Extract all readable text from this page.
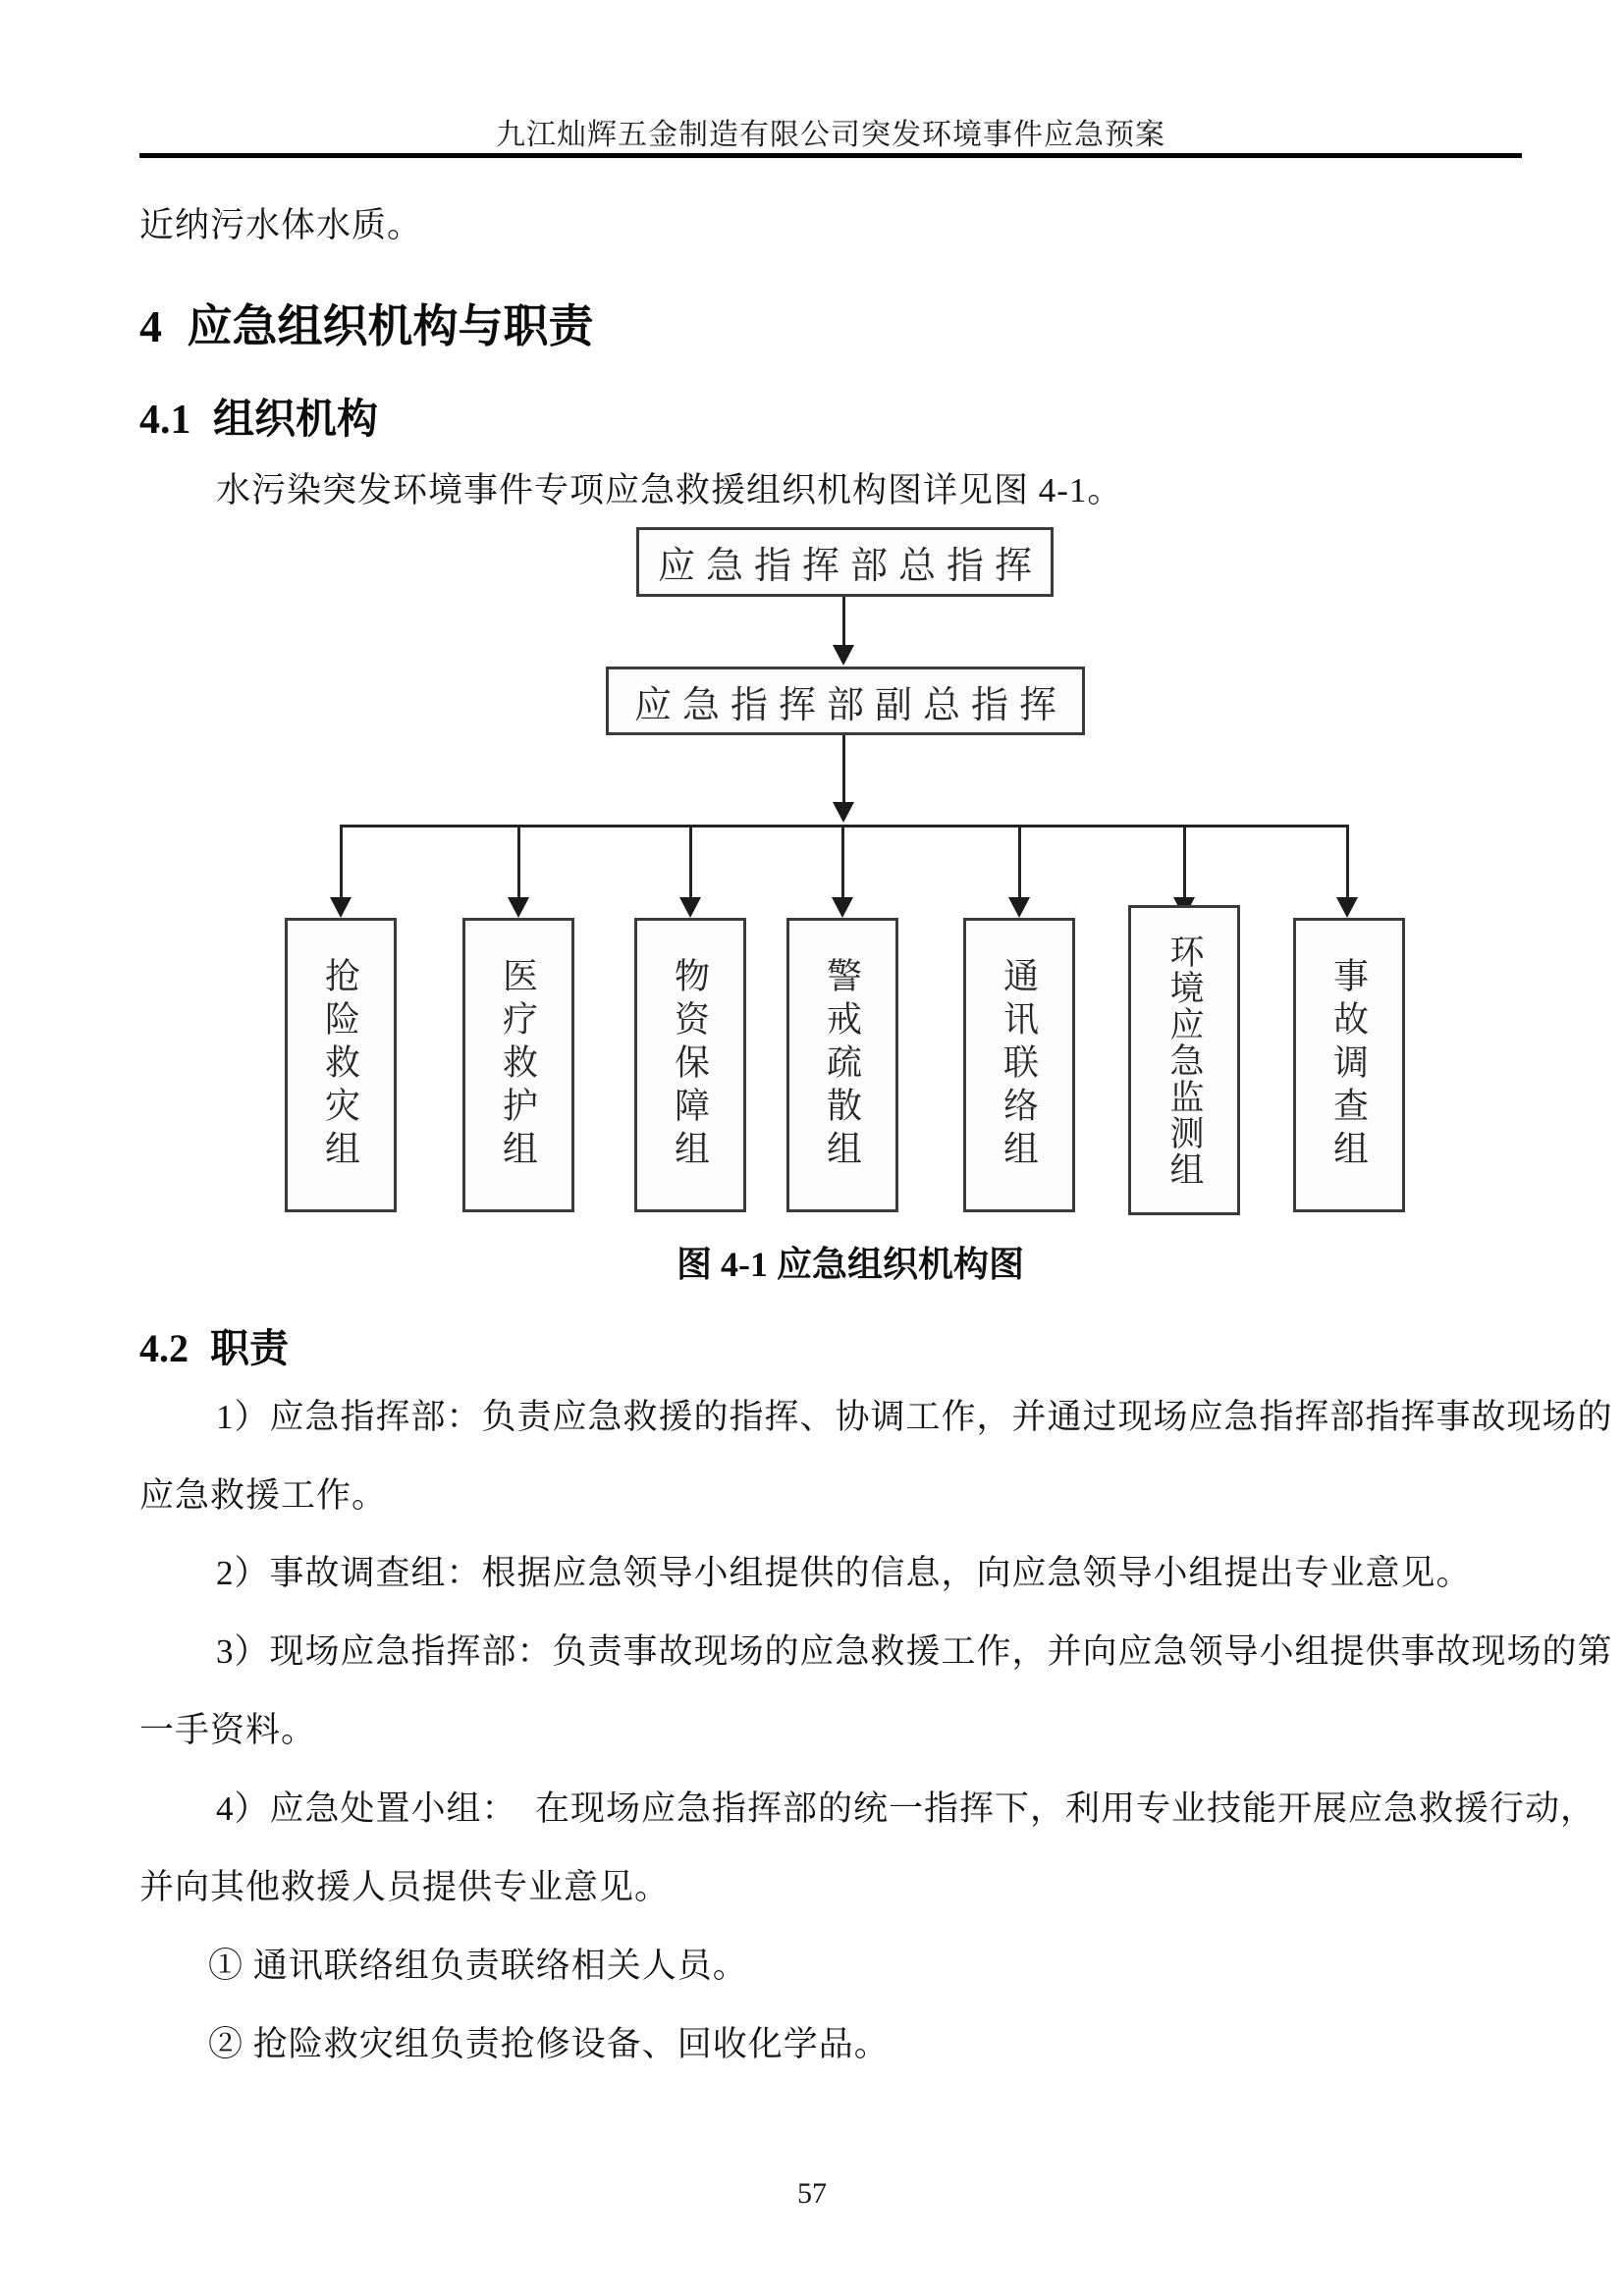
九江灿辉五金制造有限公司突发环境事件应急预案
近纳污水体水质。
4 应急组织机构与职责
4.1 组织机构
水污染突发环境事件专项应急救援组织机构图详见图 4-1。
应急指挥部总指挥
应急指挥部副总指挥
抢险救灾组	医疗救护组	物资保障组	警戒疏散组	通讯联络组	环境应急监测组	事故调查组
图 4-1 应急组织机构图
4.2 职责
1）应急指挥部：负责应急救援的指挥、协调工作，并通过现场应急指挥部指挥事故现场的
应急救援工作。
2）事故调查组：根据应急领导小组提供的信息，向应急领导小组提出专业意见。
3）现场应急指挥部：负责事故现场的应急救援工作，并向应急领导小组提供事故现场的第
一手资料。
4）应急处置小组：　在现场应急指挥部的统一指挥下，利用专业技能开展应急救援行动，
并向其他救援人员提供专业意见。
① 通讯联络组负责联络相关人员。
② 抢险救灾组负责抢修设备、回收化学品。
57
